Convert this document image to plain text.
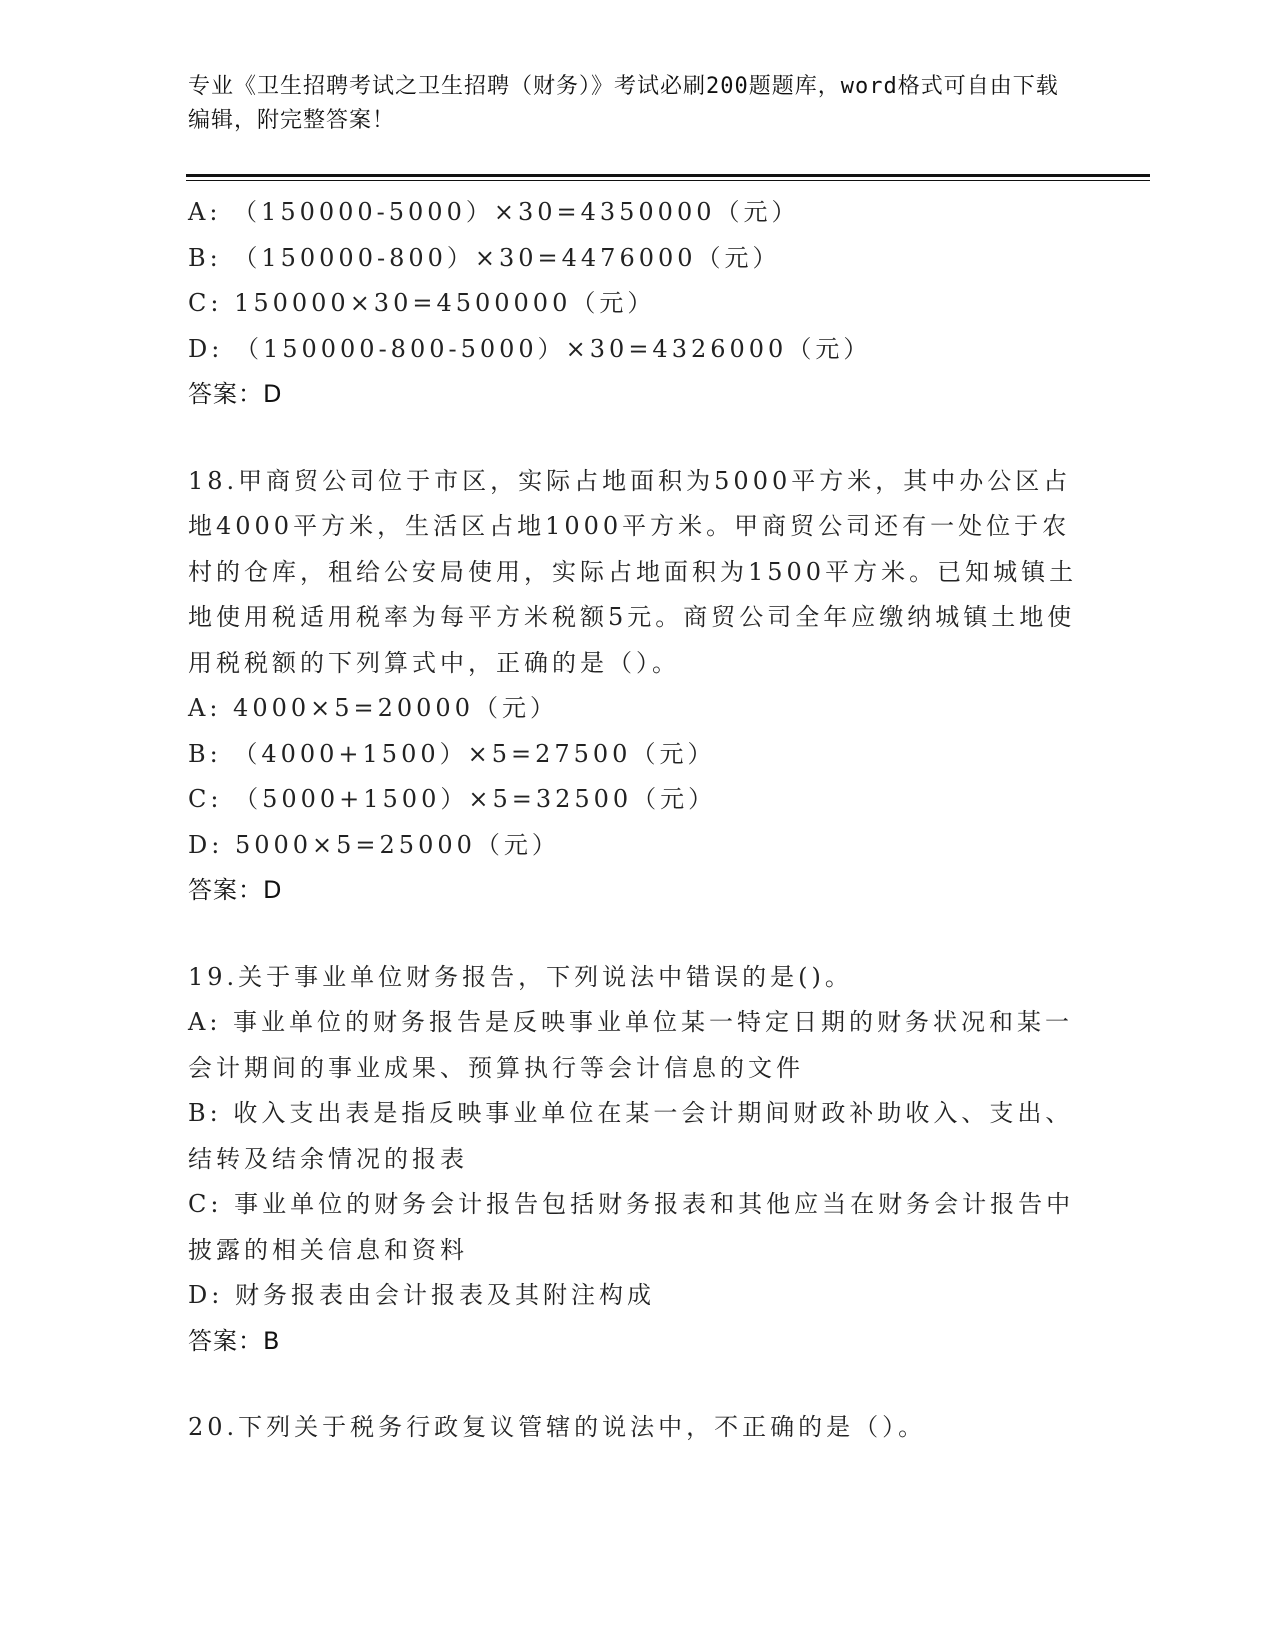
专业《卫生招聘考试之卫生招聘（财务）》考试必刷200题题库，word格式可自由下载编辑，附完整答案！

A: （150000-5000）×30=4350000（元）

B: （150000-800）×30=4476000（元）

C: 150000×30=4500000（元）

D: （150000-800-5000）×30=4326000（元）

答案：D

18.甲商贸公司位于市区，实际占地面积为5000平方米，其中办公区占地4000平方米，生活区占地1000平方米。甲商贸公司还有一处位于农村的仓库，租给公安局使用，实际占地面积为1500平方米。已知城镇土地使用税适用税率为每平方米税额5元。商贸公司全年应缴纳城镇土地使用税税额的下列算式中，正确的是（）。

A: 4000×5=20000（元）

B: （4000+1500）×5=27500（元）

C: （5000+1500）×5=32500（元）

D: 5000×5=25000（元）

答案：D

19.关于事业单位财务报告，下列说法中错误的是()。

A: 事业单位的财务报告是反映事业单位某一特定日期的财务状况和某一会计期间的事业成果、预算执行等会计信息的文件

B: 收入支出表是指反映事业单位在某一会计期间财政补助收入、支出、结转及结余情况的报表

C: 事业单位的财务会计报告包括财务报表和其他应当在财务会计报告中披露的相关信息和资料

D: 财务报表由会计报表及其附注构成

答案：B

20.下列关于税务行政复议管辖的说法中，不正确的是（）。
